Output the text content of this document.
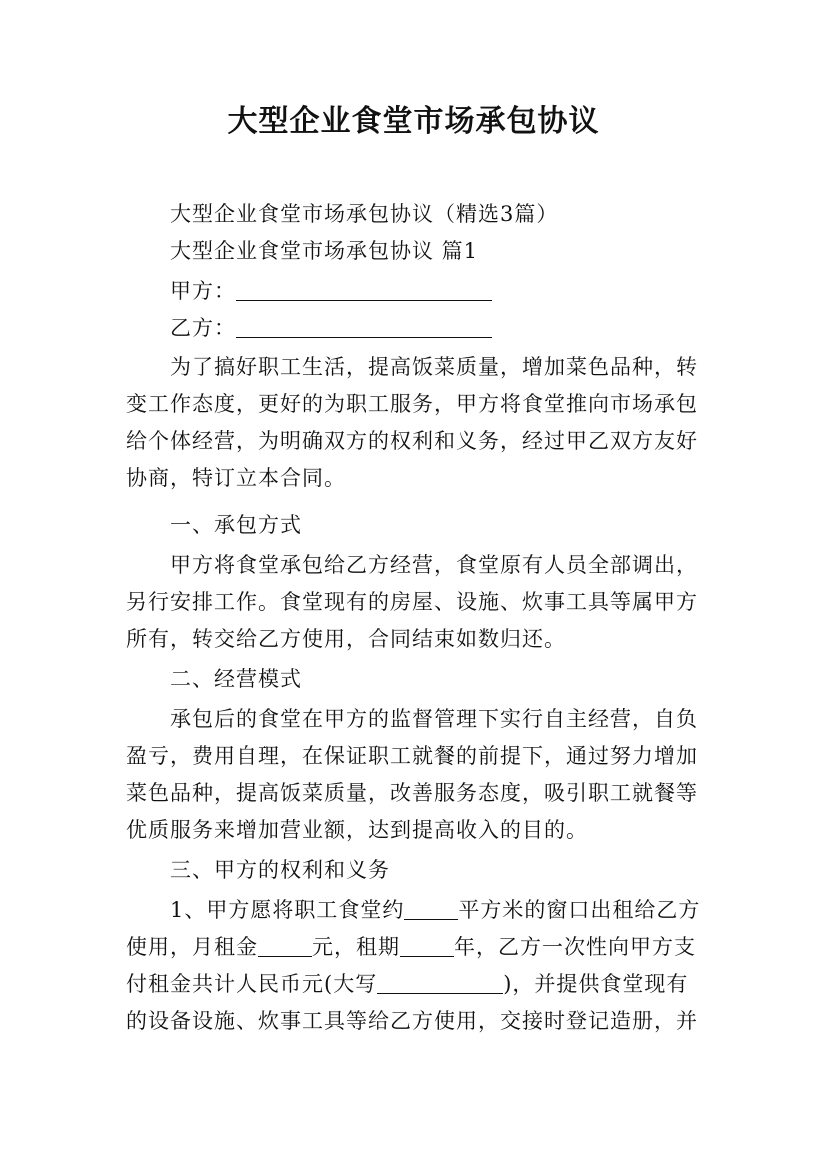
大型企业食堂市场承包协议
大型企业食堂市场承包协议（精选3篇）
大型企业食堂市场承包协议 篇1
甲方：
乙方：
为了搞好职工生活，提高饭菜质量，增加菜色品种，转
变工作态度，更好的为职工服务，甲方将食堂推向市场承包
给个体经营，为明确双方的权利和义务，经过甲乙双方友好
协商，特订立本合同。
一、承包方式
甲方将食堂承包给乙方经营，食堂原有人员全部调出，
另行安排工作。食堂现有的房屋、设施、炊事工具等属甲方
所有，转交给乙方使用，合同结束如数归还。
二、经营模式
承包后的食堂在甲方的监督管理下实行自主经营，自负
盈亏，费用自理，在保证职工就餐的前提下，通过努力增加
菜色品种，提高饭菜质量，改善服务态度，吸引职工就餐等
优质服务来增加营业额，达到提高收入的目的。
三、甲方的权利和义务
1、甲方愿将职工食堂约	平方米的窗口出租给乙方
使用，月租金	元，租期	年，乙方一次性向甲方支
付租金共计人民币元(大写	)，并提供食堂现有
的设备设施、炊事工具等给乙方使用，交接时登记造册，并
